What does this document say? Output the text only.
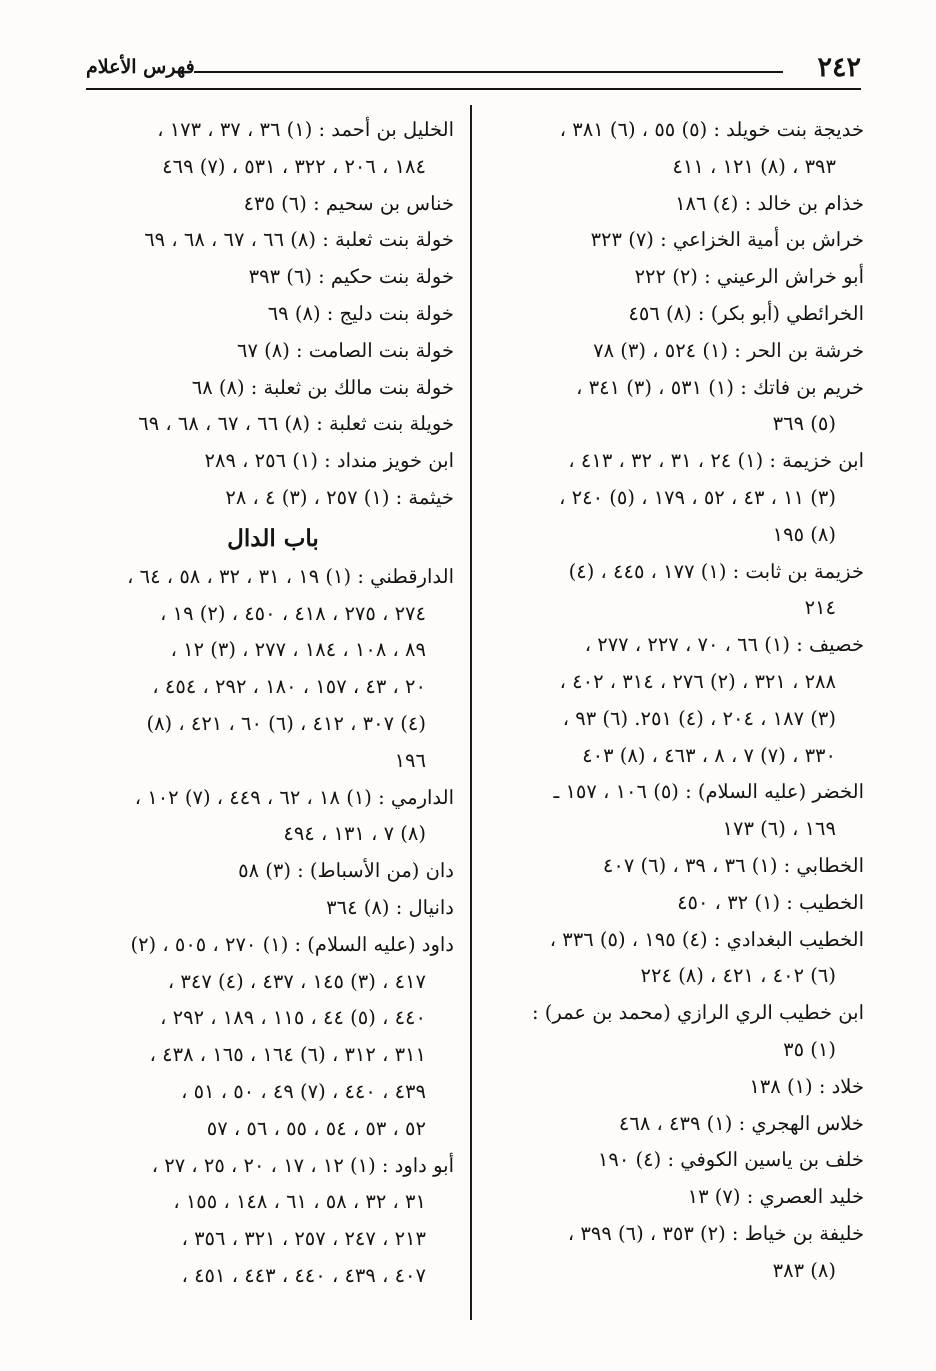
٢٤٢
فهرس الأعلام
خديجة بنت خويلد : (٥) ٥٥ ، (٦) ٣٨١ ،
٣٩٣ ، (٨) ١٢١ ، ٤١١
خذام بن خالد : (٤) ١٨٦
خراش بن أمية الخزاعي : (٧) ٣٢٣
أبو خراش الرعيني : (٢) ٢٢٢
الخرائطي (أبو بكر) : (٨) ٤٥٦
خرشة بن الحر : (١) ٥٢٤ ، (٣) ٧٨
خريم بن فاتك : (١) ٥٣١ ، (٣) ٣٤١ ،
(٥) ٣٦٩
ابن خزيمة : (١) ٢٤ ، ٣١ ، ٣٢ ، ٤١٣ ،
(٣) ١١ ، ٤٣ ، ٥٢ ، ١٧٩ ، (٥) ٢٤٠ ،
(٨) ١٩٥
خزيمة بن ثابت : (١) ١٧٧ ، ٤٤٥ ، (٤)
٢١٤
خصيف : (١) ٦٦ ، ٧٠ ، ٢٢٧ ، ٢٧٧ ،
٢٨٨ ، ٣٢١ ، (٢) ٢٧٦ ، ٣١٤ ، ٤٠٢ ،
(٣) ١٨٧ ، ٢٠٤ ، (٤) ٢٥١. (٦) ٩٣ ،
٣٣٠ ، (٧) ٧ ، ٨ ، ٤٦٣ ، (٨) ٤٠٣
الخضر (عليه السلام) : (٥) ١٠٦ ، ١٥٧ ـ
١٦٩ ، (٦) ١٧٣
الخطابي : (١) ٣٦ ، ٣٩ ، (٦) ٤٠٧
الخطيب : (١) ٣٢ ، ٤٥٠
الخطيب البغدادي : (٤) ١٩٥ ، (٥) ٣٣٦ ،
(٦) ٤٠٢ ، ٤٢١ ، (٨) ٢٢٤
ابن خطيب الري الرازي (محمد بن عمر) :
(١) ٣٥
خلاد : (١) ١٣٨
خلاس الهجري : (١) ٤٣٩ ، ٤٦٨
خلف بن ياسين الكوفي : (٤) ١٩٠
خليد العصري : (٧) ١٣
خليفة بن خياط : (٢) ٣٥٣ ، (٦) ٣٩٩ ،
(٨) ٣٨٣
الخليل بن أحمد : (١) ٣٦ ، ٣٧ ، ١٧٣ ،
١٨٤ ، ٢٠٦ ، ٣٢٢ ، ٥٣١ ، (٧) ٤٦٩
خناس بن سحيم : (٦) ٤٣٥
خولة بنت ثعلبة : (٨) ٦٦ ، ٦٧ ، ٦٨ ، ٦٩
خولة بنت حكيم : (٦) ٣٩٣
خولة بنت دليج : (٨) ٦٩
خولة بنت الصامت : (٨) ٦٧
خولة بنت مالك بن ثعلبة : (٨) ٦٨
خويلة بنت ثعلبة : (٨) ٦٦ ، ٦٧ ، ٦٨ ، ٦٩
ابن خويز منداد : (١) ٢٥٦ ، ٢٨٩
خيثمة : (١) ٢٥٧ ، (٣) ٤ ، ٢٨
باب الدال
الدارقطني : (١) ١٩ ، ٣١ ، ٣٢ ، ٥٨ ، ٦٤ ،
٢٧٤ ، ٢٧٥ ، ٤١٨ ، ٤٥٠ ، (٢) ١٩ ،
٨٩ ، ١٠٨ ، ١٨٤ ، ٢٧٧ ، (٣) ١٢ ،
٢٠ ، ٤٣ ، ١٥٧ ، ١٨٠ ، ٢٩٢ ، ٤٥٤ ،
(٤) ٣٠٧ ، ٤١٢ ، (٦) ٦٠ ، ٤٢١ ، (٨)
١٩٦
الدارمي : (١) ١٨ ، ٦٢ ، ٤٤٩ ، (٧) ١٠٢ ،
(٨) ٧ ، ١٣١ ، ٤٩٤
دان (من الأسباط) : (٣) ٥٨
دانيال : (٨) ٣٦٤
داود (عليه السلام) : (١) ٢٧٠ ، ٥٠٥ ، (٢)
٤١٧ ، (٣) ١٤٥ ، ٤٣٧ ، (٤) ٣٤٧ ،
٤٤٠ ، (٥) ٤٤ ، ١١٥ ، ١٨٩ ، ٢٩٢ ،
٣١١ ، ٣١٢ ، (٦) ١٦٤ ، ١٦٥ ، ٤٣٨ ،
٤٣٩ ، ٤٤٠ ، (٧) ٤٩ ، ٥٠ ، ٥١ ،
٥٢ ، ٥٣ ، ٥٤ ، ٥٥ ، ٥٦ ، ٥٧
أبو داود : (١) ١٢ ، ١٧ ، ٢٠ ، ٢٥ ، ٢٧ ،
٣١ ، ٣٢ ، ٥٨ ، ٦١ ، ١٤٨ ، ١٥٥ ،
٢١٣ ، ٢٤٧ ، ٢٥٧ ، ٣٢١ ، ٣٥٦ ،
٤٠٧ ، ٤٣٩ ، ٤٤٠ ، ٤٤٣ ، ٤٥١ ،
